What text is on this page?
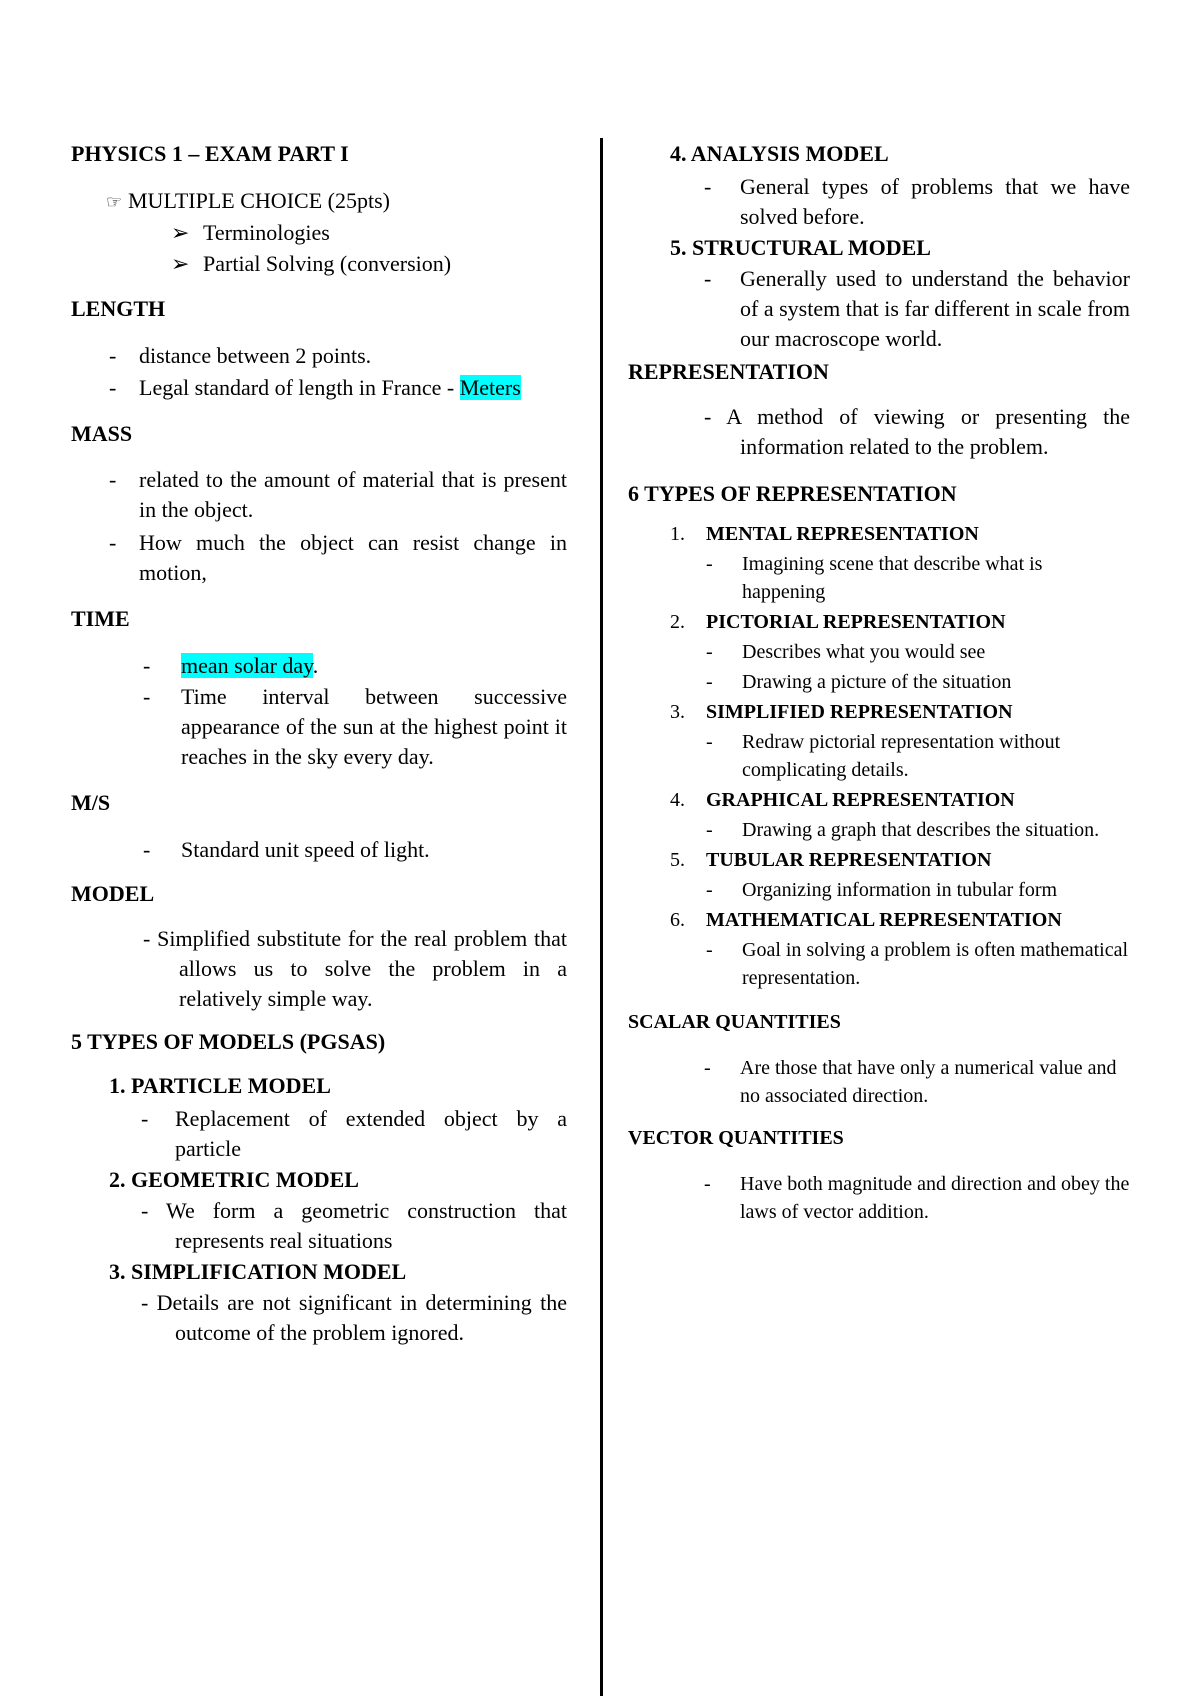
PHYSICS 1 – EXAM PART I
☞ MULTIPLE CHOICE (25pts)
➢ Terminologies
➢ Partial Solving (conversion)
LENGTH
- distance between 2 points.
- Legal standard of length in France - Meters
MASS
- related to the amount of material that is present in the object.
- How much the object can resist change in motion,
TIME
- mean solar day.
- Time interval between successive appearance of the sun at the highest point it reaches in the sky every day.
M/S
- Standard unit speed of light.
MODEL
- Simplified substitute for the real problem that allows us to solve the problem in a relatively simple way.
5 TYPES OF MODELS (PGSAS)
1. PARTICLE MODEL
- Replacement of extended object by a particle
2. GEOMETRIC MODEL
- We form a geometric construction that represents real situations
3. SIMPLIFICATION MODEL
- Details are not significant in determining the outcome of the problem ignored.
4. ANALYSIS MODEL
- General types of problems that we have solved before.
5. STRUCTURAL MODEL
- Generally used to understand the behavior of a system that is far different in scale from our macroscope world.
REPRESENTATION
- A method of viewing or presenting the information related to the problem.
6 TYPES OF REPRESENTATION
1. MENTAL REPRESENTATION
- Imagining scene that describe what is happening
2. PICTORIAL REPRESENTATION
- Describes what you would see
- Drawing a picture of the situation
3. SIMPLIFIED REPRESENTATION
- Redraw pictorial representation without complicating details.
4. GRAPHICAL REPRESENTATION
- Drawing a graph that describes the situation.
5. TUBULAR REPRESENTATION
- Organizing information in tubular form
6. MATHEMATICAL REPRESENTATION
- Goal in solving a problem is often mathematical representation.
SCALAR QUANTITIES
- Are those that have only a numerical value and no associated direction.
VECTOR QUANTITIES
- Have both magnitude and direction and obey the laws of vector addition.
